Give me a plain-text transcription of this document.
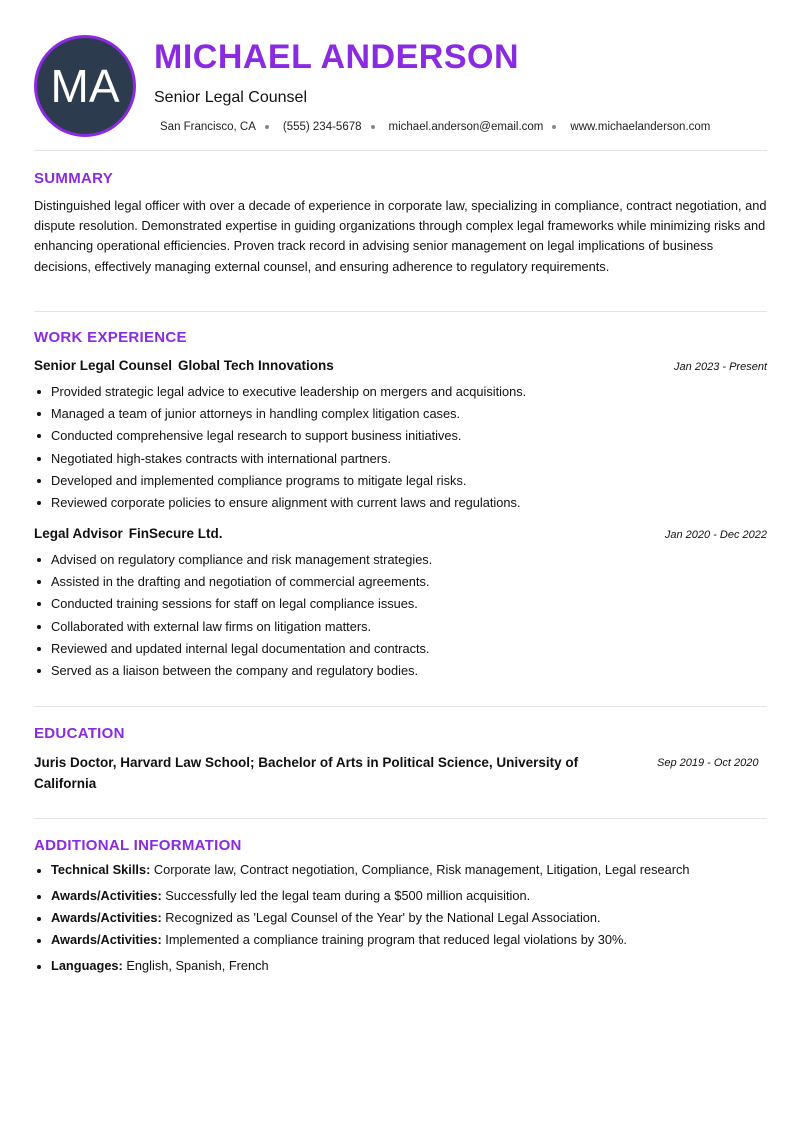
MA
MICHAEL ANDERSON
Senior Legal Counsel
San Francisco, CA (555) 234-5678 michael.anderson@email.com www.michaelanderson.com
SUMMARY
Distinguished legal officer with over a decade of experience in corporate law, specializing in compliance, contract negotiation, and dispute resolution. Demonstrated expertise in guiding organizations through complex legal frameworks while minimizing risks and enhancing operational efficiencies. Proven track record in advising senior management on legal implications of business decisions, effectively managing external counsel, and ensuring adherence to regulatory requirements.
WORK EXPERIENCE
Senior Legal Counsel Global Tech Innovations	Jan 2023 - Present
Provided strategic legal advice to executive leadership on mergers and acquisitions.
Managed a team of junior attorneys in handling complex litigation cases.
Conducted comprehensive legal research to support business initiatives.
Negotiated high-stakes contracts with international partners.
Developed and implemented compliance programs to mitigate legal risks.
Reviewed corporate policies to ensure alignment with current laws and regulations.
Legal Advisor FinSecure Ltd.	Jan 2020 - Dec 2022
Advised on regulatory compliance and risk management strategies.
Assisted in the drafting and negotiation of commercial agreements.
Conducted training sessions for staff on legal compliance issues.
Collaborated with external law firms on litigation matters.
Reviewed and updated internal legal documentation and contracts.
Served as a liaison between the company and regulatory bodies.
EDUCATION
Juris Doctor, Harvard Law School; Bachelor of Arts in Political Science, University of California
Sep 2019 - Oct 2020
ADDITIONAL INFORMATION
Technical Skills: Corporate law, Contract negotiation, Compliance, Risk management, Litigation, Legal research
Awards/Activities: Successfully led the legal team during a $500 million acquisition.
Awards/Activities: Recognized as 'Legal Counsel of the Year' by the National Legal Association.
Awards/Activities: Implemented a compliance training program that reduced legal violations by 30%.
Languages: English, Spanish, French
